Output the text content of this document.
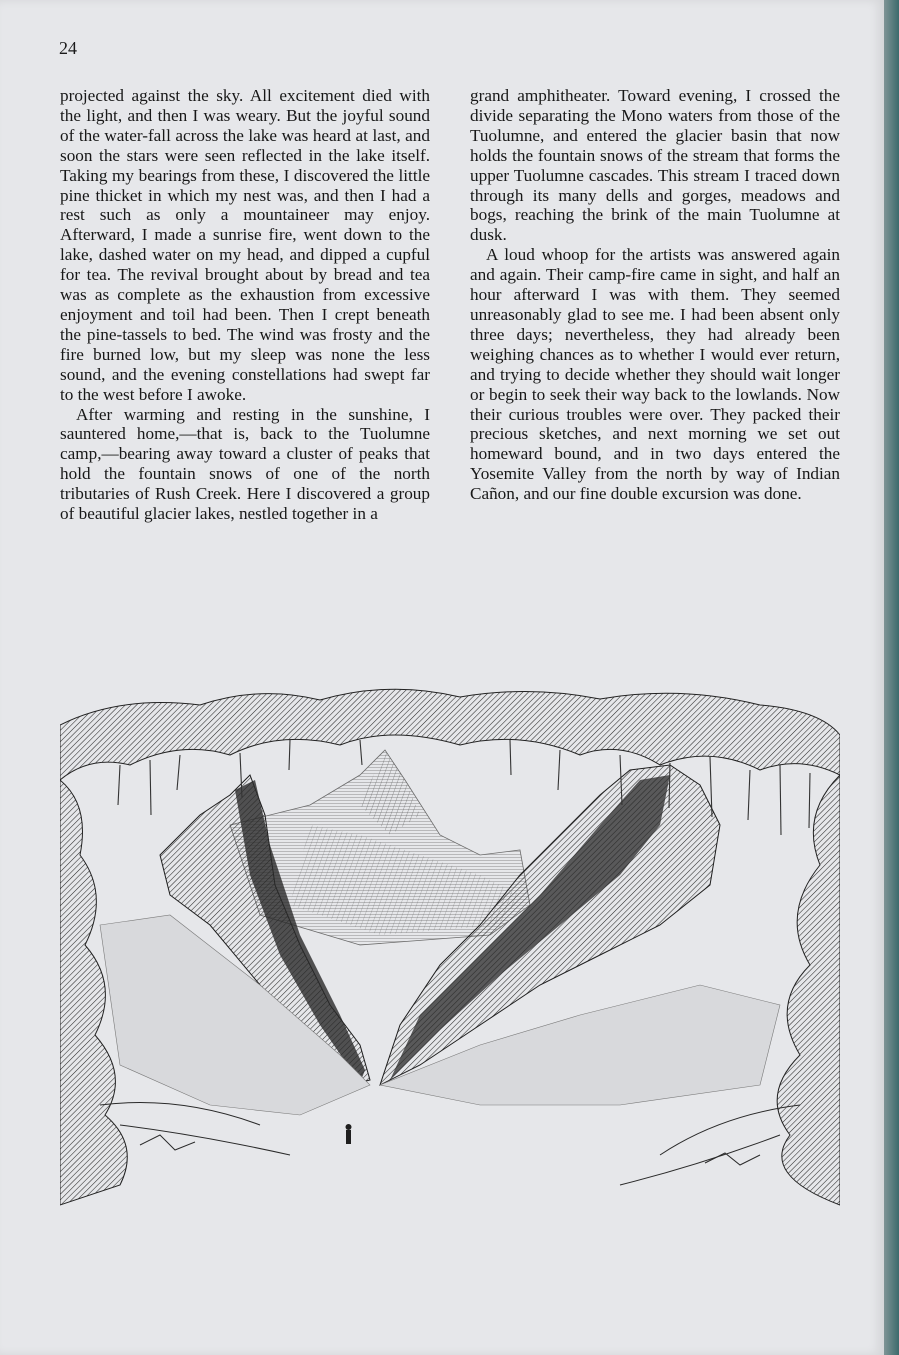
24

projected against the sky. All excitement died with the light, and then I was weary. But the joyful sound of the water-fall across the lake was heard at last, and soon the stars were seen reflected in the lake itself. Taking my bearings from these, I discovered the little pine thicket in which my nest was, and then I had a rest such as only a mountaineer may enjoy. Afterward, I made a sunrise fire, went down to the lake, dashed water on my head, and dipped a cupful for tea. The revival brought about by bread and tea was as complete as the exhaustion from excessive enjoyment and toil had been. Then I crept beneath the pine-tassels to bed. The wind was frosty and the fire burned low, but my sleep was none the less sound, and the evening constellations had swept far to the west before I awoke.

After warming and resting in the sunshine, I sauntered home,—that is, back to the Tuolumne camp,—bearing away toward a cluster of peaks that hold the fountain snows of one of the north tributaries of Rush Creek. Here I discovered a group of beautiful glacier lakes, nestled together in a

grand amphitheater. Toward evening, I crossed the divide separating the Mono waters from those of the Tuolumne, and entered the glacier basin that now holds the fountain snows of the stream that forms the upper Tuolumne cascades. This stream I traced down through its many dells and gorges, meadows and bogs, reaching the brink of the main Tuolumne at dusk.

A loud whoop for the artists was answered again and again. Their camp-fire came in sight, and half an hour afterward I was with them. They seemed unreasonably glad to see me. I had been absent only three days; nevertheless, they had already been weighing chances as to whether I would ever return, and trying to decide whether they should wait longer or begin to seek their way back to the lowlands. Now their curious troubles were over. They packed their precious sketches, and next morning we set out homeward bound, and in two days entered the Yosemite Valley from the north by way of Indian Cañon, and our fine double excursion was done.
